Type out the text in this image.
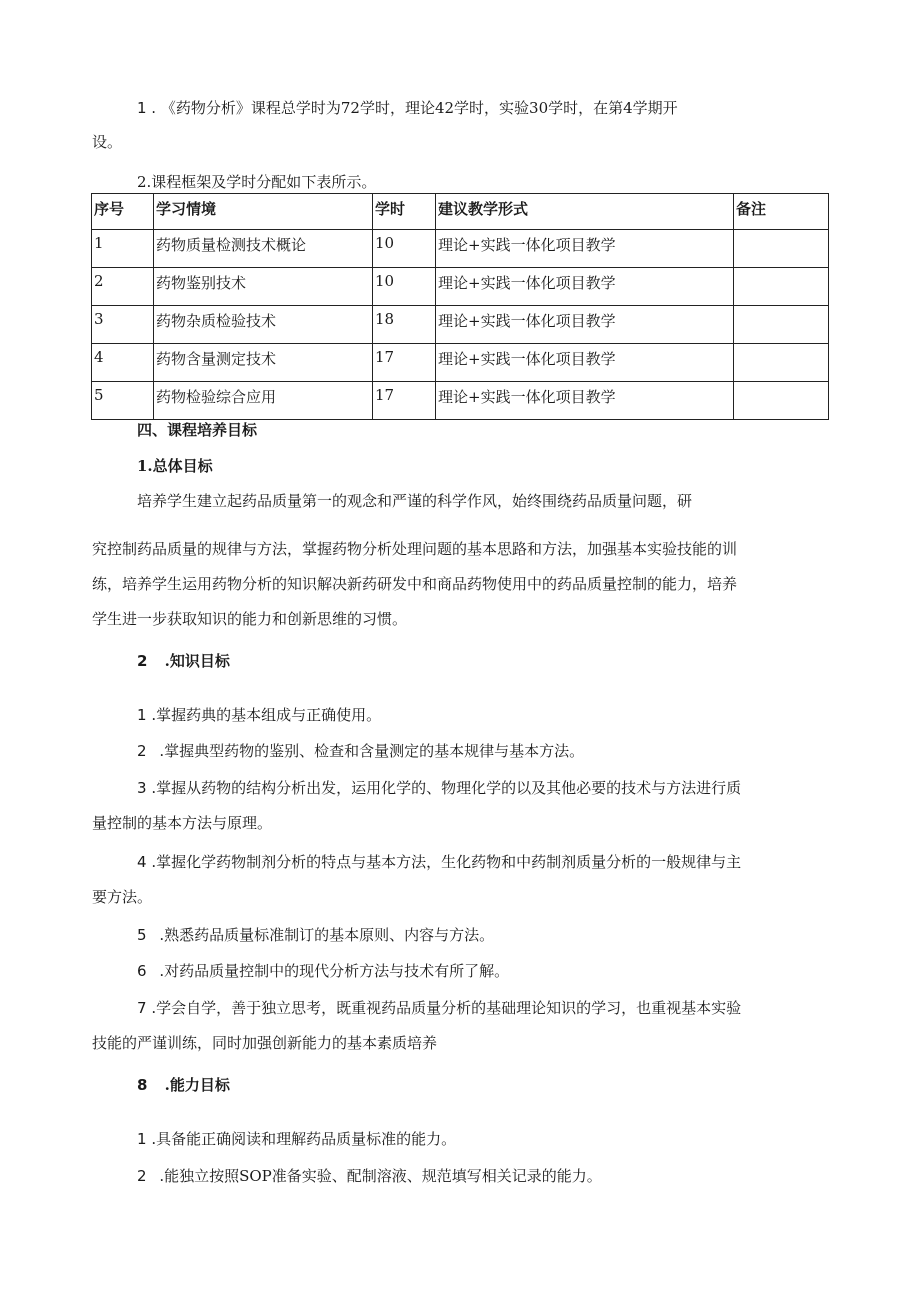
1 . 《药物分析》课程总学时为72学时，理论42学时，实验30学时，在第4学期开
设。
2.课程框架及学时分配如下表所示。
序号	学习情境	学时	建议教学形式	备注
1	药物质量检测技术概论	10	理论+实践一体化项目教学	
2	药物鉴别技术	10	理论+实践一体化项目教学	
3	药物杂质检验技术	18	理论+实践一体化项目教学	
4	药物含量测定技术	17	理论+实践一体化项目教学	
5	药物检验综合应用	17	理论+实践一体化项目教学	
四、课程培养目标
1.总体目标
培养学生建立起药品质量第一的观念和严谨的科学作风，始终围绕药品质量问题，研
究控制药品质量的规律与方法，掌握药物分析处理问题的基本思路和方法，加强基本实验技能的训
练，培养学生运用药物分析的知识解决新药研发中和商品药物使用中的药品质量控制的能力，培养
学生进一步获取知识的能力和创新思维的习惯。
2 .知识目标
1 .掌握药典的基本组成与正确使用。
2 .掌握典型药物的鉴别、检查和含量测定的基本规律与基本方法。
3 .掌握从药物的结构分析出发，运用化学的、物理化学的以及其他必要的技术与方法进行质
量控制的基本方法与原理。
4 .掌握化学药物制剂分析的特点与基本方法，生化药物和中药制剂质量分析的一般规律与主
要方法。
5 .熟悉药品质量标准制订的基本原则、内容与方法。
6 .对药品质量控制中的现代分析方法与技术有所了解。
7 .学会自学，善于独立思考，既重视药品质量分析的基础理论知识的学习，也重视基本实验
技能的严谨训练，同时加强创新能力的基本素质培养
8 .能力目标
1 .具备能正确阅读和理解药品质量标准的能力。
2 .能独立按照SOP准备实验、配制溶液、规范填写相关记录的能力。
